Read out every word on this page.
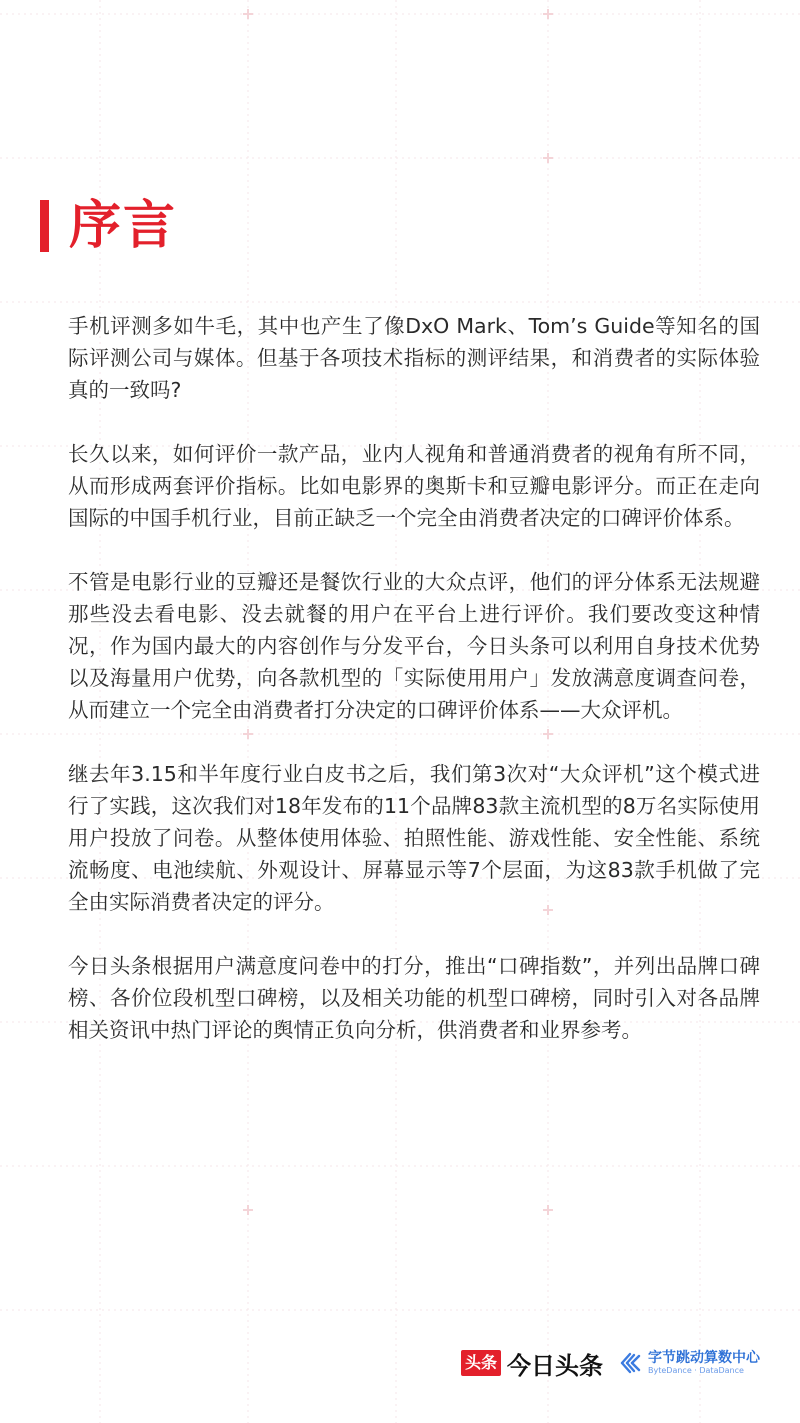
序言

手机评测多如牛毛，其中也产生了像DxO Mark、Tom’s Guide等知名的国际评测公司与媒体。但基于各项技术指标的测评结果，和消费者的实际体验真的一致吗?

长久以来，如何评价一款产品，业内人视角和普通消费者的视角有所不同，从而形成两套评价指标。比如电影界的奥斯卡和豆瓣电影评分。而正在走向国际的中国手机行业，目前正缺乏一个完全由消费者决定的口碑评价体系。

不管是电影行业的豆瓣还是餐饮行业的大众点评，他们的评分体系无法规避那些没去看电影、没去就餐的用户在平台上进行评价。我们要改变这种情况，作为国内最大的内容创作与分发平台，今日头条可以利用自身技术优势以及海量用户优势，向各款机型的「实际使用用户」发放满意度调查问卷，从而建立一个完全由消费者打分决定的口碑评价体系——大众评机。

继去年3.15和半年度行业白皮书之后，我们第3次对“大众评机”这个模式进行了实践，这次我们对18年发布的11个品牌83款主流机型的8万名实际使用用户投放了问卷。从整体使用体验、拍照性能、游戏性能、安全性能、系统流畅度、电池续航、外观设计、屏幕显示等7个层面，为这83款手机做了完全由实际消费者决定的评分。

今日头条根据用户满意度问卷中的打分，推出“口碑指数”，并列出品牌口碑榜、各价位段机型口碑榜，以及相关功能的机型口碑榜，同时引入对各品牌相关资讯中热门评论的舆情正负向分析，供消费者和业界参考。

头条 今日头条	字节跳动算数中心
ByteDance · DataDance
